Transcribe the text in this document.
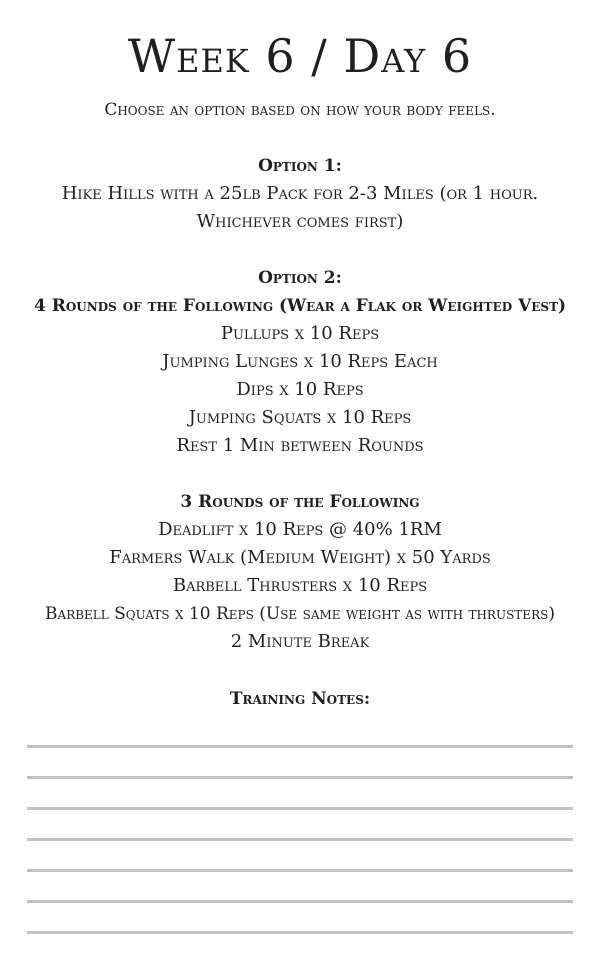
Week 6 / Day 6
Choose an option based on how your body feels.
Option 1:
Hike Hills with a 25lb Pack for 2-3 Miles (or 1 hour.
Whichever comes first)
Option 2:
4 Rounds of the Following (Wear a Flak or Weighted Vest)
Pullups x 10 Reps
Jumping Lunges x 10 Reps Each
Dips x 10 Reps
Jumping Squats x 10 Reps
Rest 1 Min between Rounds
3 Rounds of the Following
Deadlift x 10 Reps @ 40% 1RM
Farmers Walk (Medium Weight) x 50 Yards
Barbell Thrusters x 10 Reps
Barbell Squats x 10 Reps (Use same weight as with thrusters)
2 Minute Break
Training Notes:
